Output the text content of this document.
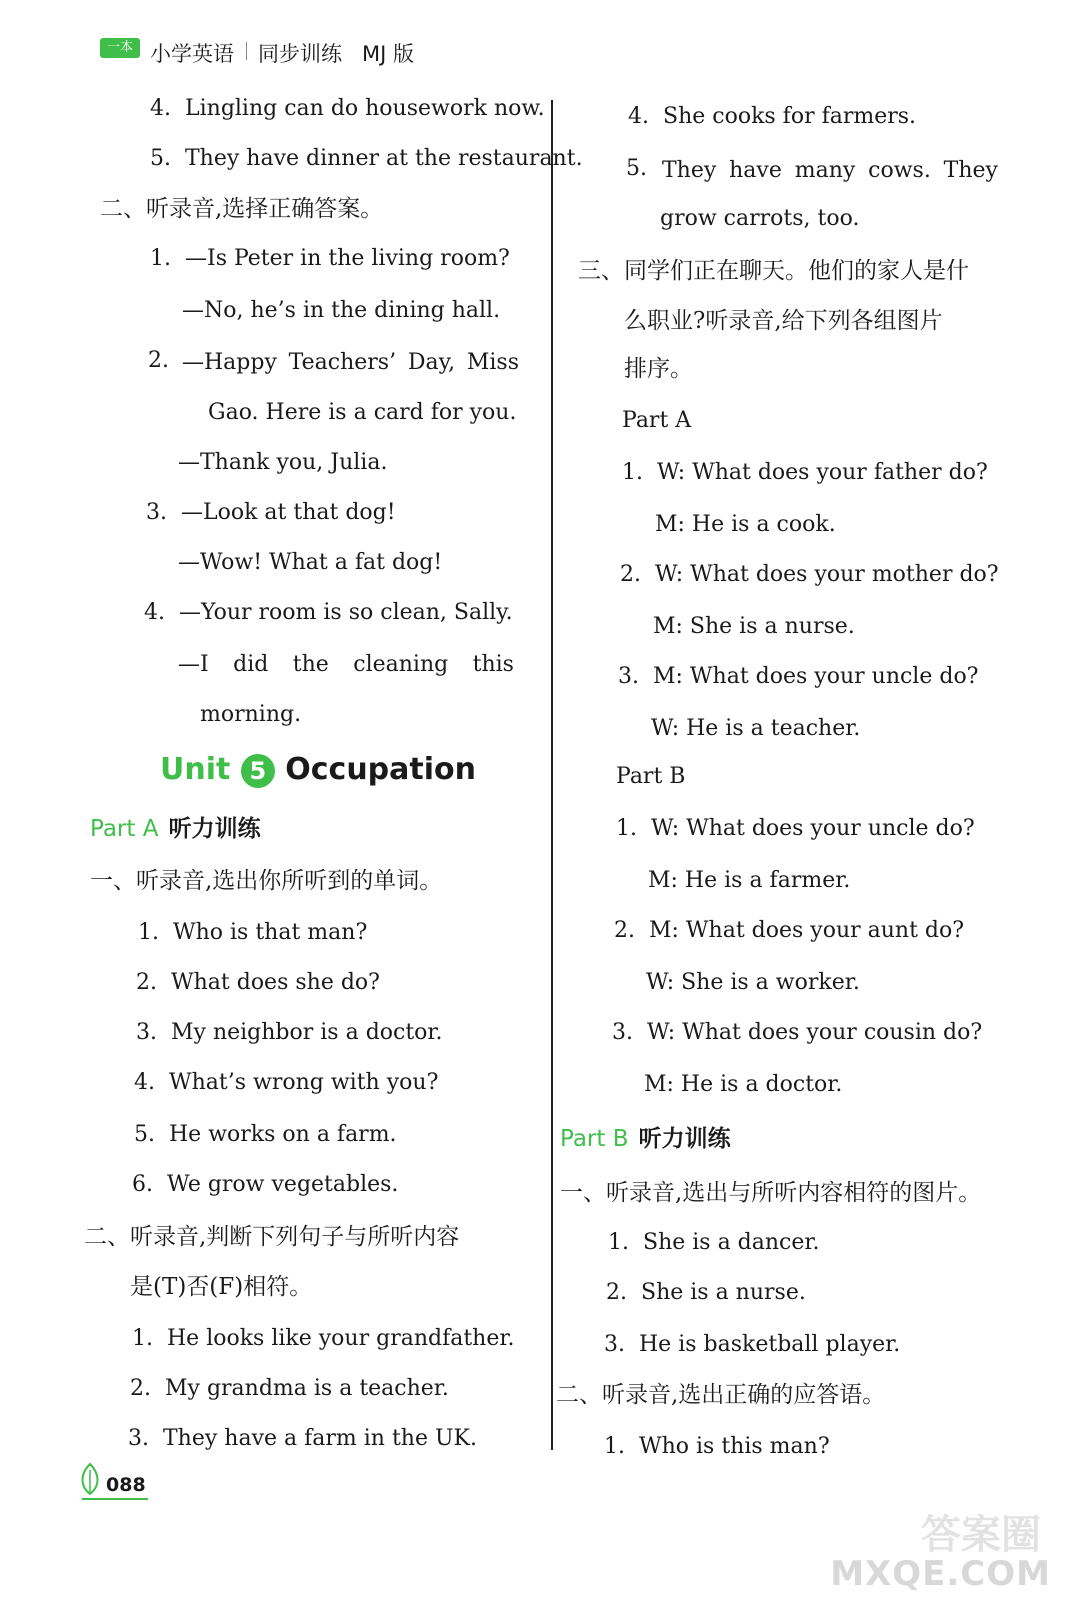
一本 小学英语 同步训练 MJ 版
4. Lingling can do housework now.
5. They have dinner at the restaurant.
二、听录音,选择正确答案。
1. —Is Peter in the living room?
—No, he’s in the dining hall.
2. —Happy Teachers’ Day, Miss
Gao. Here is a card for you.
—Thank you, Julia.
3. —Look at that dog!
—Wow! What a fat dog!
4. —Your room is so clean, Sally.
—I did the cleaning this
morning.
Unit 5 Occupation
Part A 听力训练
一、听录音,选出你所听到的单词。
1. Who is that man?
2. What does she do?
3. My neighbor is a doctor.
4. What’s wrong with you?
5. He works on a farm.
6. We grow vegetables.
二、听录音,判断下列句子与所听内容
是(T)否(F)相符。
1. He looks like your grandfather.
2. My grandma is a teacher.
3. They have a farm in the UK.
4. She cooks for farmers.
5. They have many cows. They
grow carrots, too.
三、同学们正在聊天。他们的家人是什
么职业?听录音,给下列各组图片
排序。
Part A
1. W: What does your father do?
M: He is a cook.
2. W: What does your mother do?
M: She is a nurse.
3. M: What does your uncle do?
W: He is a teacher.
Part B
1. W: What does your uncle do?
M: He is a farmer.
2. M: What does your aunt do?
W: She is a worker.
3. W: What does your cousin do?
M: He is a doctor.
Part B 听力训练
一、听录音,选出与所听内容相符的图片。
1. She is a dancer.
2. She is a nurse.
3. He is basketball player.
二、听录音,选出正确的应答语。
1. Who is this man?
088
答案圈
MXQE.COM
